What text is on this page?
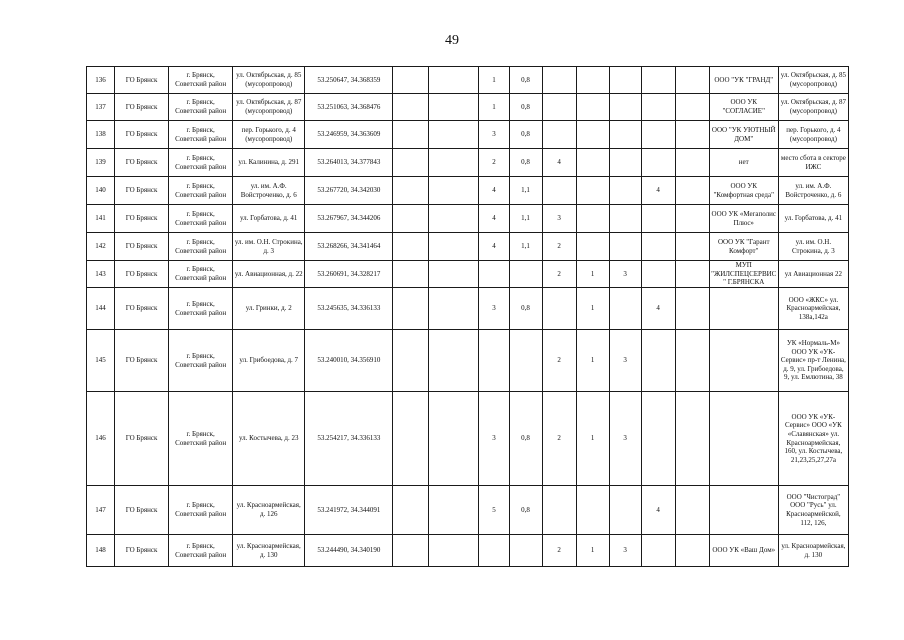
49
136	ГО Брянск	г. Брянск, Советский район	ул. Октябрьская, д. 85 (мусоропровод)	53.250647, 34.368359			1	0,8						ООО "УК "ГРАНД"	ул. Октябрьская, д. 85 (мусоропровод)
137	ГО Брянск	г. Брянск, Советский район	ул. Октябрьская, д. 87 (мусоропровод)	53.251063, 34.368476			1	0,8						ООО УК "СОГЛАСИЕ"	ул. Октябрьская, д. 87 (мусоропровод)
138	ГО Брянск	г. Брянск, Советский район	пер. Горького, д. 4 (мусоропровод)	53.246959, 34.363609			3	0,8						ООО "УК УЮТНЫЙ ДОМ"	пер. Горького, д. 4 (мусоропровод)
139	ГО Брянск	г. Брянск, Советский район	ул. Калинина, д. 291	53.264013, 34.377843			2	0,8	4					нет	место сбота в секторе ИЖС
140	ГО Брянск	г. Брянск, Советский район	ул. им. А.Ф. Войстроченко, д. 6	53.267720, 34.342030			4	1,1				4		ООО УК "Комфортная среда"	ул. им. А.Ф. Войстроченко, д. 6
141	ГО Брянск	г. Брянск, Советский район	ул. Горбатова, д. 41	53.267967, 34.344206			4	1,1	3					ООО УК «Мегаполис Плюс»	ул. Горбатова, д. 41
142	ГО Брянск	г. Брянск, Советский район	ул. им. О.Н. Строкина, д. 3	53.268266, 34.341464			4	1,1	2					ООО УК "Гарант Комфорт"	ул. им. О.Н. Строкина, д. 3
143	ГО Брянск	г. Брянск, Советский район	ул. Авиационная, д. 22	53.260691, 34.328217					2	1	3			МУП "ЖИЛСПЕЦСЕРВИС" Г.БРЯНСКА	ул Авиационная 22
144	ГО Брянск	г. Брянск, Советский район	ул. Гринки, д. 2	53.245635, 34.336133			3	0,8		1		4			ООО «ЖКС» ул. Красноармейская, 138а,142а
145	ГО Брянск	г. Брянск, Советский район	ул. Грибоедова, д. 7	53.240010, 34.356910					2	1	3				УК «Нормаль-М» ООО УК «УК-Сервис» пр-т Ленина, д. 9, ул. Грибоедова, 9, ул. Емлютина, 38
146	ГО Брянск	г. Брянск, Советский район	ул. Костычева, д. 23	53.254217, 34.336133			3	0,8	2	1	3				ООО УК «УК-Сервис» ООО «УК «Славянская» ул. Красноармейская, 160, ул. Костычева, 21,23,25,27,27а
147	ГО Брянск	г. Брянск, Советский район	ул. Красноармейская, д. 126	53.241972, 34.344091			5	0,8				4			ООО "Чистоград" ООО "Русь" ул. Красноармейской, 112, 126,
148	ГО Брянск	г. Брянск, Советский район	ул. Красноармейская, д. 130	53.244490, 34.340190					2	1	3			ООО УК «Ваш Дом»	ул. Красноармейская, д. 130
